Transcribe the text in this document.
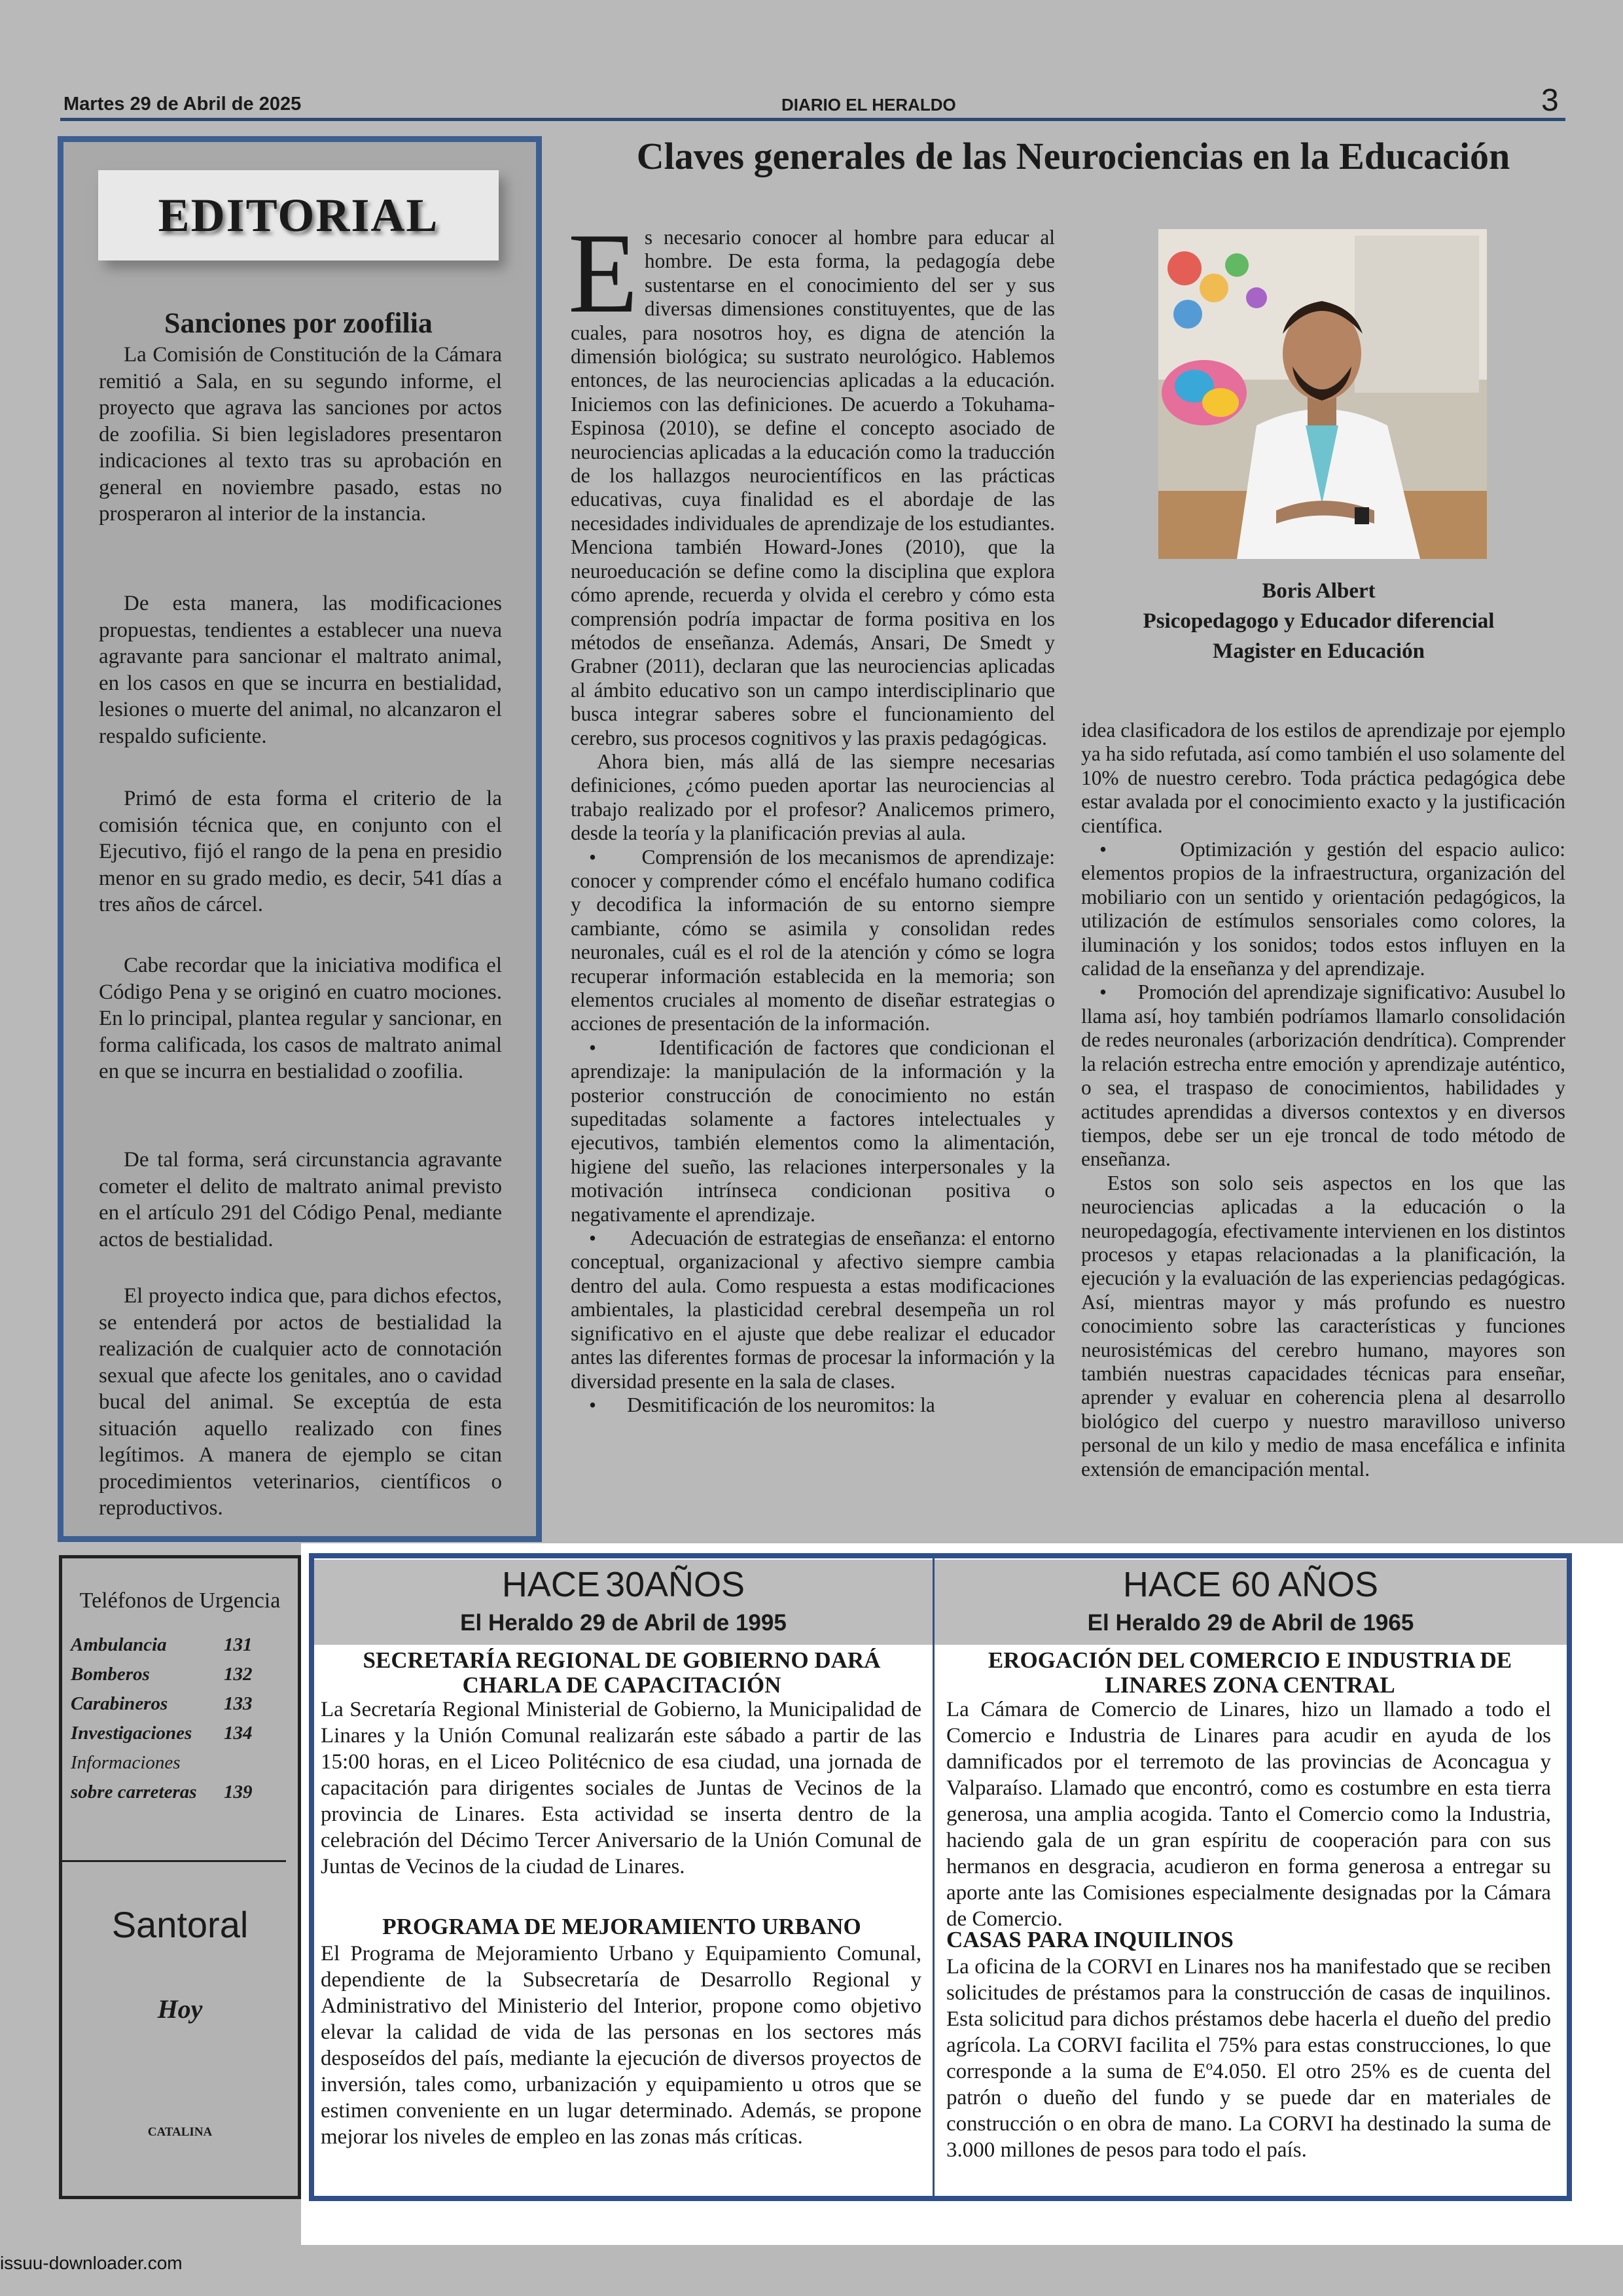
Martes 29 de Abril de 2025	DIARIO EL HERALDO	3
EDITORIAL
Sanciones por zoofilia

La Comisión de Constitución de la Cámara remitió a Sala, en su segundo informe, el proyecto que agrava las sanciones por actos de zoofilia. Si bien legisladores presentaron indicaciones al texto tras su aprobación en general en noviembre pasado, estas no prosperaron al interior de la instancia.

De esta manera, las modificaciones propuestas, tendientes a establecer una nueva agravante para sancionar el maltrato animal, en los casos en que se incurra en bestialidad, lesiones o muerte del animal, no alcanzaron el respaldo suficiente.

Primó de esta forma el criterio de la comisión técnica que, en conjunto con el Ejecutivo, fijó el rango de la pena en presidio menor en su grado medio, es decir, 541 días a tres años de cárcel.

Cabe recordar que la iniciativa modifica el Código Pena y se originó en cuatro mociones. En lo principal, plantea regular y sancionar, en forma calificada, los casos de maltrato animal en que se incurra en bestialidad o zoofilia.

De tal forma, será circunstancia agravante cometer el delito de maltrato animal previsto en el artículo 291 del Código Penal, mediante actos de bestialidad.

El proyecto indica que, para dichos efectos, se entenderá por actos de bestialidad la realización de cualquier acto de connotación sexual que afecte los genitales, ano o cavidad bucal del animal. Se exceptúa de esta situación aquello realizado con fines legítimos. A manera de ejemplo se citan procedimientos veterinarios, científicos o reproductivos.

Claves generales de las Neurociencias en la Educación

Es necesario conocer al hombre para educar al hombre. De esta forma, la pedagogía debe sustentarse en el conocimiento del ser y sus diversas dimensiones constituyentes, que de las cuales, para nosotros hoy, es digna de atención la dimensión biológica; su sustrato neurológico. Hablemos entonces, de las neurociencias aplicadas a la educación. Iniciemos con las definiciones. De acuerdo a Tokuhama-Espinosa (2010), se define el concepto asociado de neurociencias aplicadas a la educación como la traducción de los hallazgos neurocientíficos en las prácticas educativas, cuya finalidad es el abordaje de las necesidades individuales de aprendizaje de los estudiantes. Menciona también Howard-Jones (2010), que la neuroeducación se define como la disciplina que explora cómo aprende, recuerda y olvida el cerebro y cómo esta comprensión podría impactar de forma positiva en los métodos de enseñanza. Además, Ansari, De Smedt y Grabner (2011), declaran que las neurociencias aplicadas al ámbito educativo son un campo interdisciplinario que busca integrar saberes sobre el funcionamiento del cerebro, sus procesos cognitivos y las praxis pedagógicas.

Ahora bien, más allá de las siempre necesarias definiciones, ¿cómo pueden aportar las neurociencias al trabajo realizado por el profesor? Analicemos primero, desde la teoría y la planificación previas al aula.

•      Comprensión de los mecanismos de aprendizaje: conocer y comprender cómo el encéfalo humano codifica y decodifica la información de su entorno siempre cambiante, cómo se asimila y consolidan redes neuronales, cuál es el rol de la atención y cómo se logra recuperar información establecida en la memoria; son elementos cruciales al momento de diseñar estrategias o acciones de presentación de la información.

•      Identificación de factores que condicionan el aprendizaje: la manipulación de la información y la posterior construcción de conocimiento no están supeditadas solamente a factores intelectuales y ejecutivos, también elementos como la alimentación, higiene del sueño, las relaciones interpersonales y la motivación intrínseca condicionan positiva o negativamente el aprendizaje.

•      Adecuación de estrategias de enseñanza: el entorno conceptual, organizacional y afectivo siempre cambia dentro del aula. Como respuesta a estas modificaciones ambientales, la plasticidad cerebral desempeña un rol significativo en el ajuste que debe realizar el educador antes las diferentes formas de procesar la información y la diversidad presente en la sala de clases.

•      Desmitificación de los neuromitos: la

Boris Albert
Psicopedagogo y Educador diferencial
Magister en Educación

idea clasificadora de los estilos de aprendizaje por ejemplo ya ha sido refutada, así como también el uso solamente del 10% de nuestro cerebro. Toda práctica pedagógica debe estar avalada por el conocimiento exacto y la justificación científica.

•      Optimización y gestión del espacio aulico: elementos propios de la infraestructura, organización del mobiliario con un sentido y orientación pedagógicos, la utilización de estímulos sensoriales como colores, la iluminación y los sonidos; todos estos influyen en la calidad de la enseñanza y del aprendizaje.

•      Promoción del aprendizaje significativo: Ausubel lo llama así, hoy también podríamos llamarlo consolidación de redes neuronales (arborización dendrítica). Comprender la relación estrecha entre emoción y aprendizaje auténtico, o sea, el traspaso de conocimientos, habilidades y actitudes aprendidas a diversos contextos y en diversos tiempos, debe ser un eje troncal de todo método de enseñanza.

Estos son solo seis aspectos en los que las neurociencias aplicadas a la educación o la neuropedagogía, efectivamente intervienen en los distintos procesos y etapas relacionadas a la planificación, la ejecución y la evaluación de las experiencias pedagógicas. Así, mientras mayor y más profundo es nuestro conocimiento sobre las características y funciones neurosistémicas del cerebro humano, mayores son también nuestras capacidades técnicas para enseñar, aprender y evaluar en coherencia plena al desarrollo biológico del cuerpo y nuestro maravilloso universo personal de un kilo y medio de masa encefálica e infinita extensión de emancipación mental.

Teléfonos de Urgencia
Ambulancia	131
Bomberos	132
Carabineros	133
Investigaciones 134
Informaciones
sobre carreteras 139
Santoral
Hoy
CATALINA
HACE 30AÑOS
El Heraldo 29 de Abril de 1995
SECRETARÍA REGIONAL DE GOBIERNO DARÁ CHARLA DE CAPACITACIÓN

La Secretaría Regional Ministerial de Gobierno, la Municipalidad de Linares y la Unión Comunal realizarán este sábado a partir de las 15:00 horas, en el Liceo Politécnico de esa ciudad, una jornada de capacitación para dirigentes sociales de Juntas de Vecinos de la provincia de Linares. Esta actividad se inserta dentro de la celebración del Décimo Tercer Aniversario de la Unión Comunal de Juntas de Vecinos de la ciudad de Linares.

PROGRAMA DE MEJORAMIENTO URBANO

El Programa de Mejoramiento Urbano y Equipamiento Comunal, dependiente de la Subsecretaría de Desarrollo Regional y Administrativo del Ministerio del Interior, propone como objetivo elevar la calidad de vida de las personas en los sectores más desposeídos del país, mediante la ejecución de diversos proyectos de inversión, tales como, urbanización y equipamiento u otros que se estimen conveniente en un lugar determinado. Además, se propone mejorar los niveles de empleo en las zonas más críticas.

HACE 60 AÑOS
El Heraldo 29 de Abril de 1965
EROGACIÓN DEL COMERCIO E INDUSTRIA DE LINARES ZONA CENTRAL

La Cámara de Comercio de Linares, hizo un llamado a todo el Comercio e Industria de Linares para acudir en ayuda de los damnificados por el terremoto de las provincias de Aconcagua y Valparaíso. Llamado que encontró, como es costumbre en esta tierra generosa, una amplia acogida. Tanto el Comercio como la Industria, haciendo gala de un gran espíritu de cooperación para con sus hermanos en desgracia, acudieron en forma generosa a entregar su aporte ante las Comisiones especialmente designadas por la Cámara de Comercio.

CASAS PARA INQUILINOS

La oficina de la CORVI en Linares nos ha manifestado que se reciben solicitudes de préstamos para la construcción de casas de inquilinos. Esta solicitud para dichos préstamos debe hacerla el dueño del predio agrícola. La CORVI facilita el 75% para estas construcciones, lo que corresponde a la suma de Eº4.050. El otro 25% es de cuenta del patrón o dueño del fundo y se puede dar en materiales de construcción o en obra de mano. La CORVI ha destinado la suma de 3.000 millones de pesos para todo el país.

issuu-downloader.com
